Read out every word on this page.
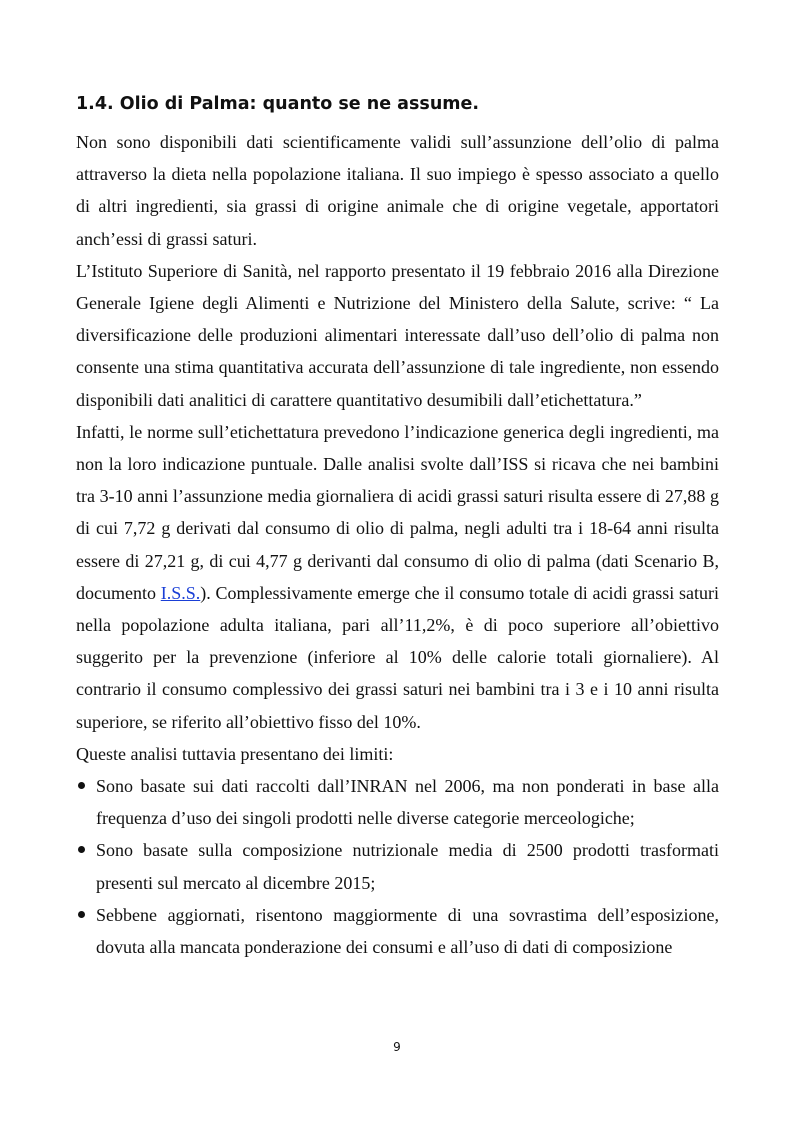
1.4. Olio di Palma: quanto se ne assume.

Non sono disponibili dati scientificamente validi sull’assunzione dell’olio di palma attraverso la dieta nella popolazione italiana. Il suo impiego è spesso associato a quello di altri ingredienti, sia grassi di origine animale che di origine vegetale, apportatori anch’essi di grassi saturi.

L’Istituto Superiore di Sanità, nel rapporto presentato il 19 febbraio 2016 alla Direzione Generale Igiene degli Alimenti e Nutrizione del Ministero della Salute, scrive: “ La diversificazione delle produzioni alimentari interessate dall’uso dell’olio di palma non consente una stima quantitativa accurata dell’assunzione di tale ingrediente, non essendo disponibili dati analitici di carattere quantitativo desumibili dall’etichettatura.”

Infatti, le norme sull’etichettatura prevedono l’indicazione generica degli ingredienti, ma non la loro indicazione puntuale. Dalle analisi svolte dall’ISS si ricava che nei bambini tra 3-10 anni l’assunzione media giornaliera di acidi grassi saturi risulta essere di 27,88 g di cui 7,72 g derivati dal consumo di olio di palma, negli adulti tra i 18-64 anni risulta essere di 27,21 g, di cui 4,77 g derivanti dal consumo di olio di palma (dati Scenario B, documento I.S.S.). Complessivamente emerge che il consumo totale di acidi grassi saturi nella popolazione adulta italiana, pari all’11,2%, è di poco superiore all’obiettivo suggerito per la prevenzione (inferiore al 10% delle calorie totali giornaliere). Al contrario il consumo complessivo dei grassi saturi nei bambini tra i 3 e i 10 anni risulta superiore, se riferito all’obiettivo fisso del 10%.

Queste analisi tuttavia presentano dei limiti:

Sono basate sui dati raccolti dall’INRAN nel 2006, ma non ponderati in base alla frequenza d’uso dei singoli prodotti nelle diverse categorie merceologiche;
Sono basate sulla composizione nutrizionale media di 2500 prodotti trasformati presenti sul mercato al dicembre 2015;
Sebbene aggiornati, risentono maggiormente di una sovrastima dell’esposizione, dovuta alla mancata ponderazione dei consumi e all’uso di dati di composizione
9
